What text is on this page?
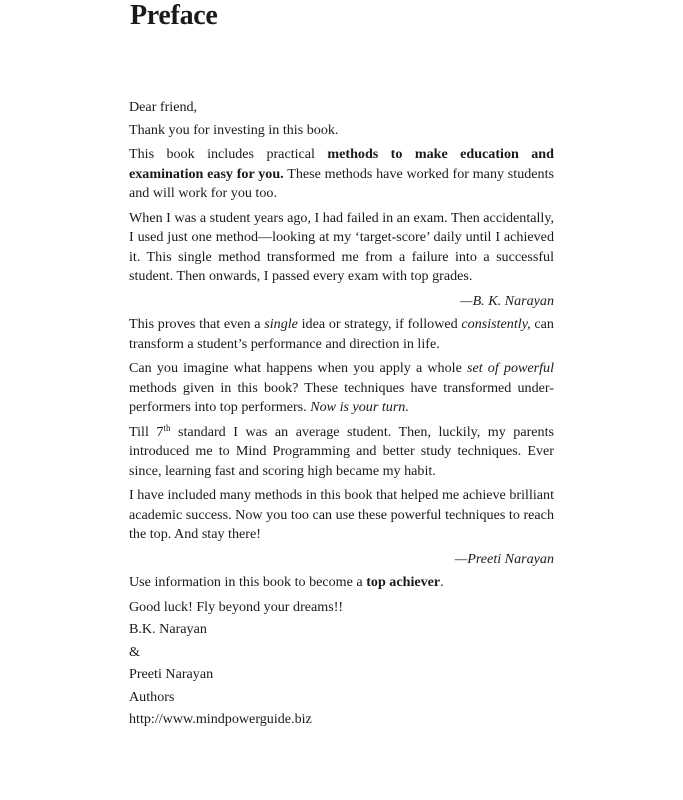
Preface

Dear friend,

Thank you for investing in this book.

This book includes practical methods to make education and examination easy for you. These methods have worked for many students and will work for you too.

When I was a student years ago, I had failed in an exam. Then accidentally, I used just one method—looking at my ‘target-score’ daily until I achieved it. This single method transformed me from a failure into a successful student. Then onwards, I passed every exam with top grades.

—B. K. Narayan

This proves that even a single idea or strategy, if followed consistently, can transform a student’s performance and direction in life.

Can you imagine what happens when you apply a whole set of powerful methods given in this book? These techniques have transformed under-performers into top performers. Now is your turn.

Till 7th standard I was an average student. Then, luckily, my parents introduced me to Mind Programming and better study techniques. Ever since, learning fast and scoring high became my habit.

I have included many methods in this book that helped me achieve brilliant academic success. Now you too can use these powerful techniques to reach the top. And stay there!

—Preeti Narayan

Use information in this book to become a top achiever.

Good luck! Fly beyond your dreams!!

B.K. Narayan

&

Preeti Narayan

Authors

http://www.mindpowerguide.biz
